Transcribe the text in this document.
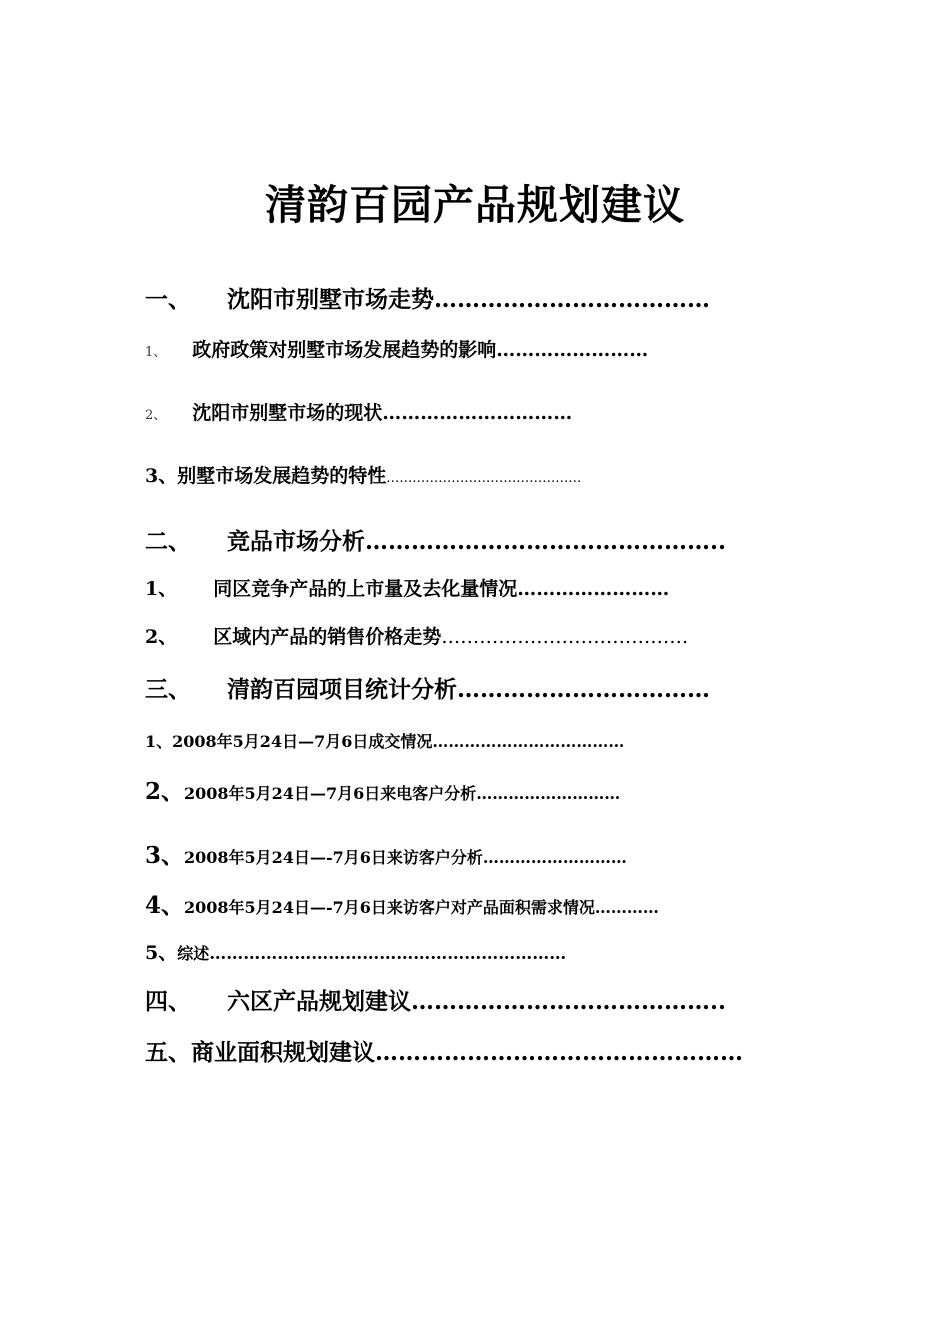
清韵百园产品规划建议
一、 沈阳市别墅市场走势………………………………
1、 政府政策对别墅市场发展趋势的影响……………………
2、 沈阳市别墅市场的现状…………………………
3、别墅市场发展趋势的特性………………………………………
二、 竞品市场分析………………………………………..
1、 同区竞争产品的上市量及去化量情况……………………
2、 区域内产品的销售价格走势…………………………………
三、 清韵百园项目统计分析……………………………
1、2008年5月24日—7月6日成交情况………………………………
2、2008年5月24日—7月6日来电客户分析………………………
3、2008年5月24日—-7月6日来访客户分析………………………
4、2008年5月24日—-7月6日来访客户对产品面积需求情况…………
5、综述………………………………………………………
四、 六区产品规划建议…………………………………..
五、商业面积规划建议…………………………………………
